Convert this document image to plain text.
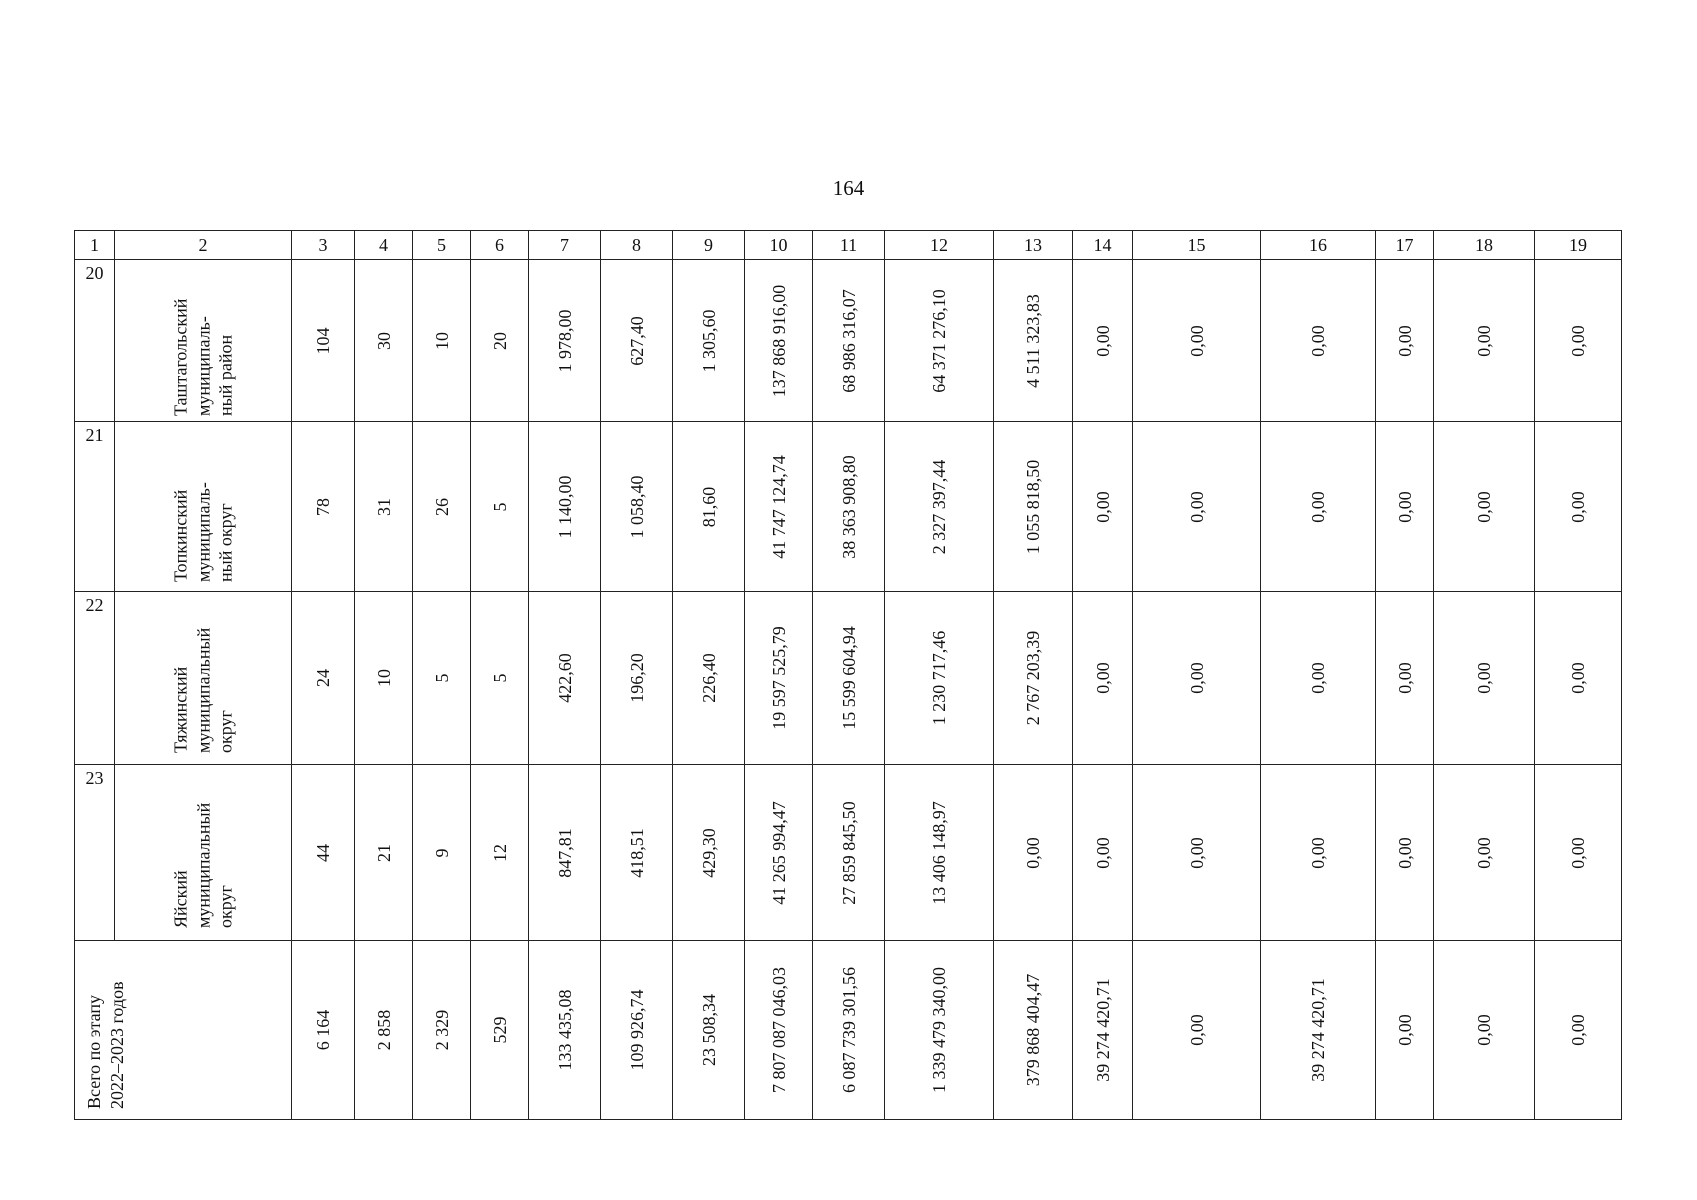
164
1	2	3	4	5	6	7	8	9	10	11	12	13	14	15	16	17	18	19

20	Таштагольский
муниципаль-
ный район	104	30	10	20	1 978,00	627,40	1 305,60	137 868 916,00	68 986 316,07	64 371 276,10	4 511 323,83	0,00	0,00	0,00	0,00	0,00	0,00

21	Топкинский
муниципаль-
ный округ	78	31	26	5	1 140,00	1 058,40	81,60	41 747 124,74	38 363 908,80	2 327 397,44	1 055 818,50	0,00	0,00	0,00	0,00	0,00	0,00

22	Тяжинский
муниципальный
округ	24	10	5	5	422,60	196,20	226,40	19 597 525,79	15 599 604,94	1 230 717,46	2 767 203,39	0,00	0,00	0,00	0,00	0,00	0,00

23	Яйский
муниципальный
округ	44	21	9	12	847,81	418,51	429,30	41 265 994,47	27 859 845,50	13 406 148,97	0,00	0,00	0,00	0,00	0,00	0,00	0,00

Всего по этапу
2022–2023 годов		6 164	2 858	2 329	529	133 435,08	109 926,74	23 508,34	7 807 087 046,03	6 087 739 301,56	1 339 479 340,00	379 868 404,47	39 274 420,71	0,00	39 274 420,71	0,00	0,00	0,00
